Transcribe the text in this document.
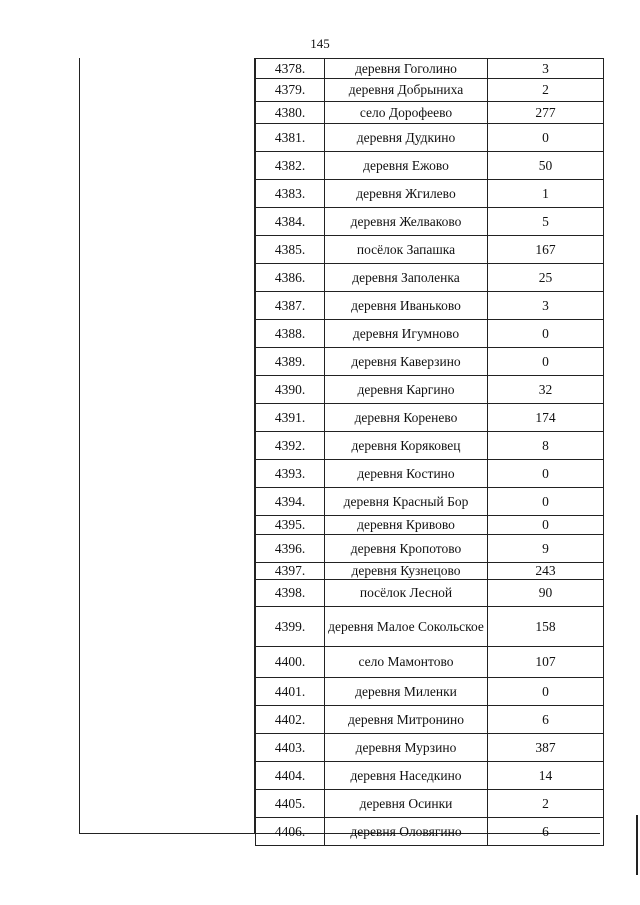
145
4378.	деревня Гоголино	3
4379.	деревня Добрыниха	2
4380.	село Дорофеево	277
4381.	деревня Дудкино	0
4382.	деревня Ежово	50
4383.	деревня Жгилево	1
4384.	деревня Желваково	5
4385.	посёлок Запашка	167
4386.	деревня Заполенка	25
4387.	деревня Иваньково	3
4388.	деревня Игумново	0
4389.	деревня Каверзино	0
4390.	деревня Каргино	32
4391.	деревня Коренево	174
4392.	деревня Коряковец	8
4393.	деревня Костино	0
4394.	деревня Красный Бор	0
4395.	деревня Кривово	0
4396.	деревня Кропотово	9
4397.	деревня Кузнецово	243
4398.	посёлок Лесной	90
4399.	деревня Малое Сокольское	158
4400.	село Мамонтово	107
4401.	деревня Миленки	0
4402.	деревня Митронино	6
4403.	деревня Мурзино	387
4404.	деревня Наседкино	14
4405.	деревня Осинки	2
4406.	деревня Оловягино	6
